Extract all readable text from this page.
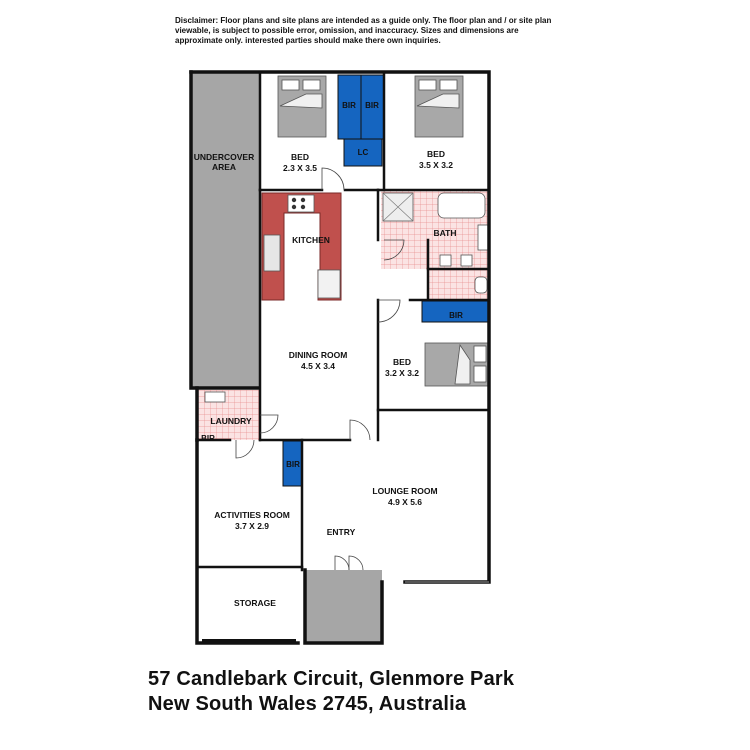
Disclaimer: Floor plans and site plans are intended as a guide only. The floor plan and / or site plan
viewable, is subject to possible error, omission, and inaccuracy. Sizes and dimensions are
approximate only. interested parties should make there own inquiries.
UNDERCOVER
AREA
BED
2.3 X 3.5
BED
3.5 X 3.2
BIR BIR
LC
KITCHEN
BATH
BIR
DINING ROOM
4.5 X 3.4	BED
3.2 X 3.2
LAUNDRY
BIR
BIR
LOUNGE ROOM
4.9 X 5.6
ACTIVITIES ROOM
3.7 X 2.9
ENTRY
STORAGE
57 Candlebark Circuit, Glenmore Park
New South Wales 2745, Australia
